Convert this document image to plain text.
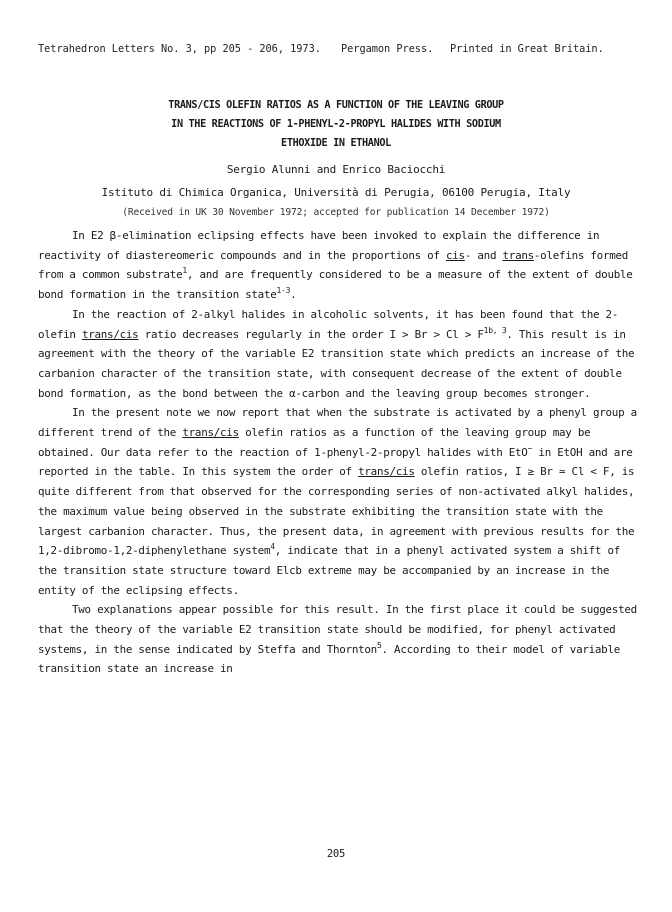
Tetrahedron Letters No. 3, pp 205 - 206, 1973. Pergamon Press. Printed in Great Britain.
TRANS/CIS OLEFIN RATIOS AS A FUNCTION OF THE LEAVING GROUP
IN THE REACTIONS OF 1-PHENYL-2-PROPYL HALIDES WITH SODIUM
ETHOXIDE IN ETHANOL
Sergio Alunni and Enrico Baciocchi
Istituto di Chimica Organica, Università di Perugia, 06100 Perugia, Italy
(Received in UK 30 November 1972; accepted for publication 14 December 1972)

In E2 β-elimination eclipsing effects have been invoked to explain the difference in reactivity of diastereomeric compounds and in the proportions of cis- and trans-olefins formed from a common substrate$^1$, and are frequently considered to be a measure of the extent of double bond formation in the transition state$^{1-3}$.

In the reaction of 2-alkyl halides in alcoholic solvents, it has been found that the 2-olefin trans/cis ratio decreases regularly in the order $I > Br > Cl > F^{1b, 3}$. This result is in agreement with the theory of the variable E2 transition state which predicts an increase of the carbanion character of the transition state, with consequent decrease of the extent of double bond formation, as the bond between the α-carbon and the leaving group becomes stronger.

In the present note we now report that when the substrate is activated by a phenyl group a different trend of the trans/cis olefin ratios as a function of the leaving group may be obtained. Our data refer to the reaction of 1-phenyl-2-propyl halides with EtO− in EtOH and are reported in the table. In this system the order of trans/cis olefin ratios, I ≥ Br ≃ Cl < F, is quite different from that observed for the corresponding series of non-activated alkyl halides, the maximum value being observed in the substrate exhibiting the transition state with the largest carbanion character. Thus, the present data, in agreement with previous results for the 1,2-dibromo-1,2-diphenylethane system$^4$, indicate that in a phenyl activated system a shift of the transition state structure toward Elcb extreme may be accompanied by an increase in the entity of the eclipsing effects.

Two explanations appear possible for this result. In the first place it could be suggested that the theory of the variable E2 transition state should be modified, for phenyl activated systems, in the sense indicated by Steffa and Thornton$^5$. According to their model of variable transition state an increase in

205
